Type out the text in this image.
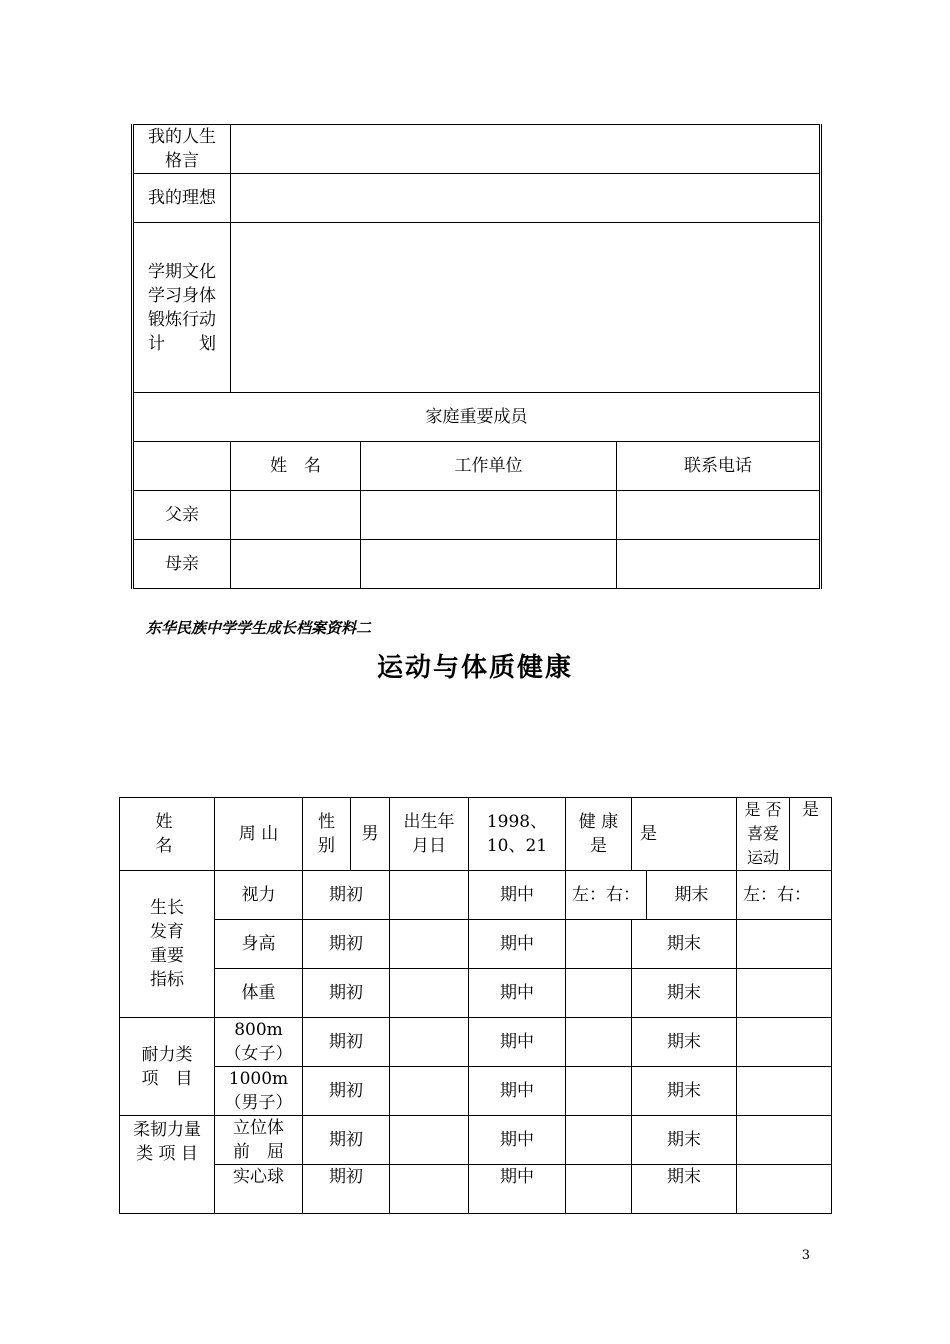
我的人生格言			
我的理想			
学期文化学习身体锻炼行动计　　划			
家庭重要成员			
	姓　名	工作单位	联系电话
父亲			
母亲			
东华民族中学学生成长档案资料二
运动与体质健康
姓　　名	周 山	性别	男	出生年月日	1998、10、21	健 康是	是		是 否 喜爱 运动	是
生长发育重要指标	视力	期初			期中	左：右：		期末	左：右：	
	身高	期初			期中		期末			
	体重	期初			期中		期末			
耐力类项　目	800m（女子）	期初			期中		期末			
	1000m（男子）	期初			期中		期末			
柔韧力量类 项 目	立位体前　屈	期初			期中		期末			
	实心球	期初			期中		期末			
3
